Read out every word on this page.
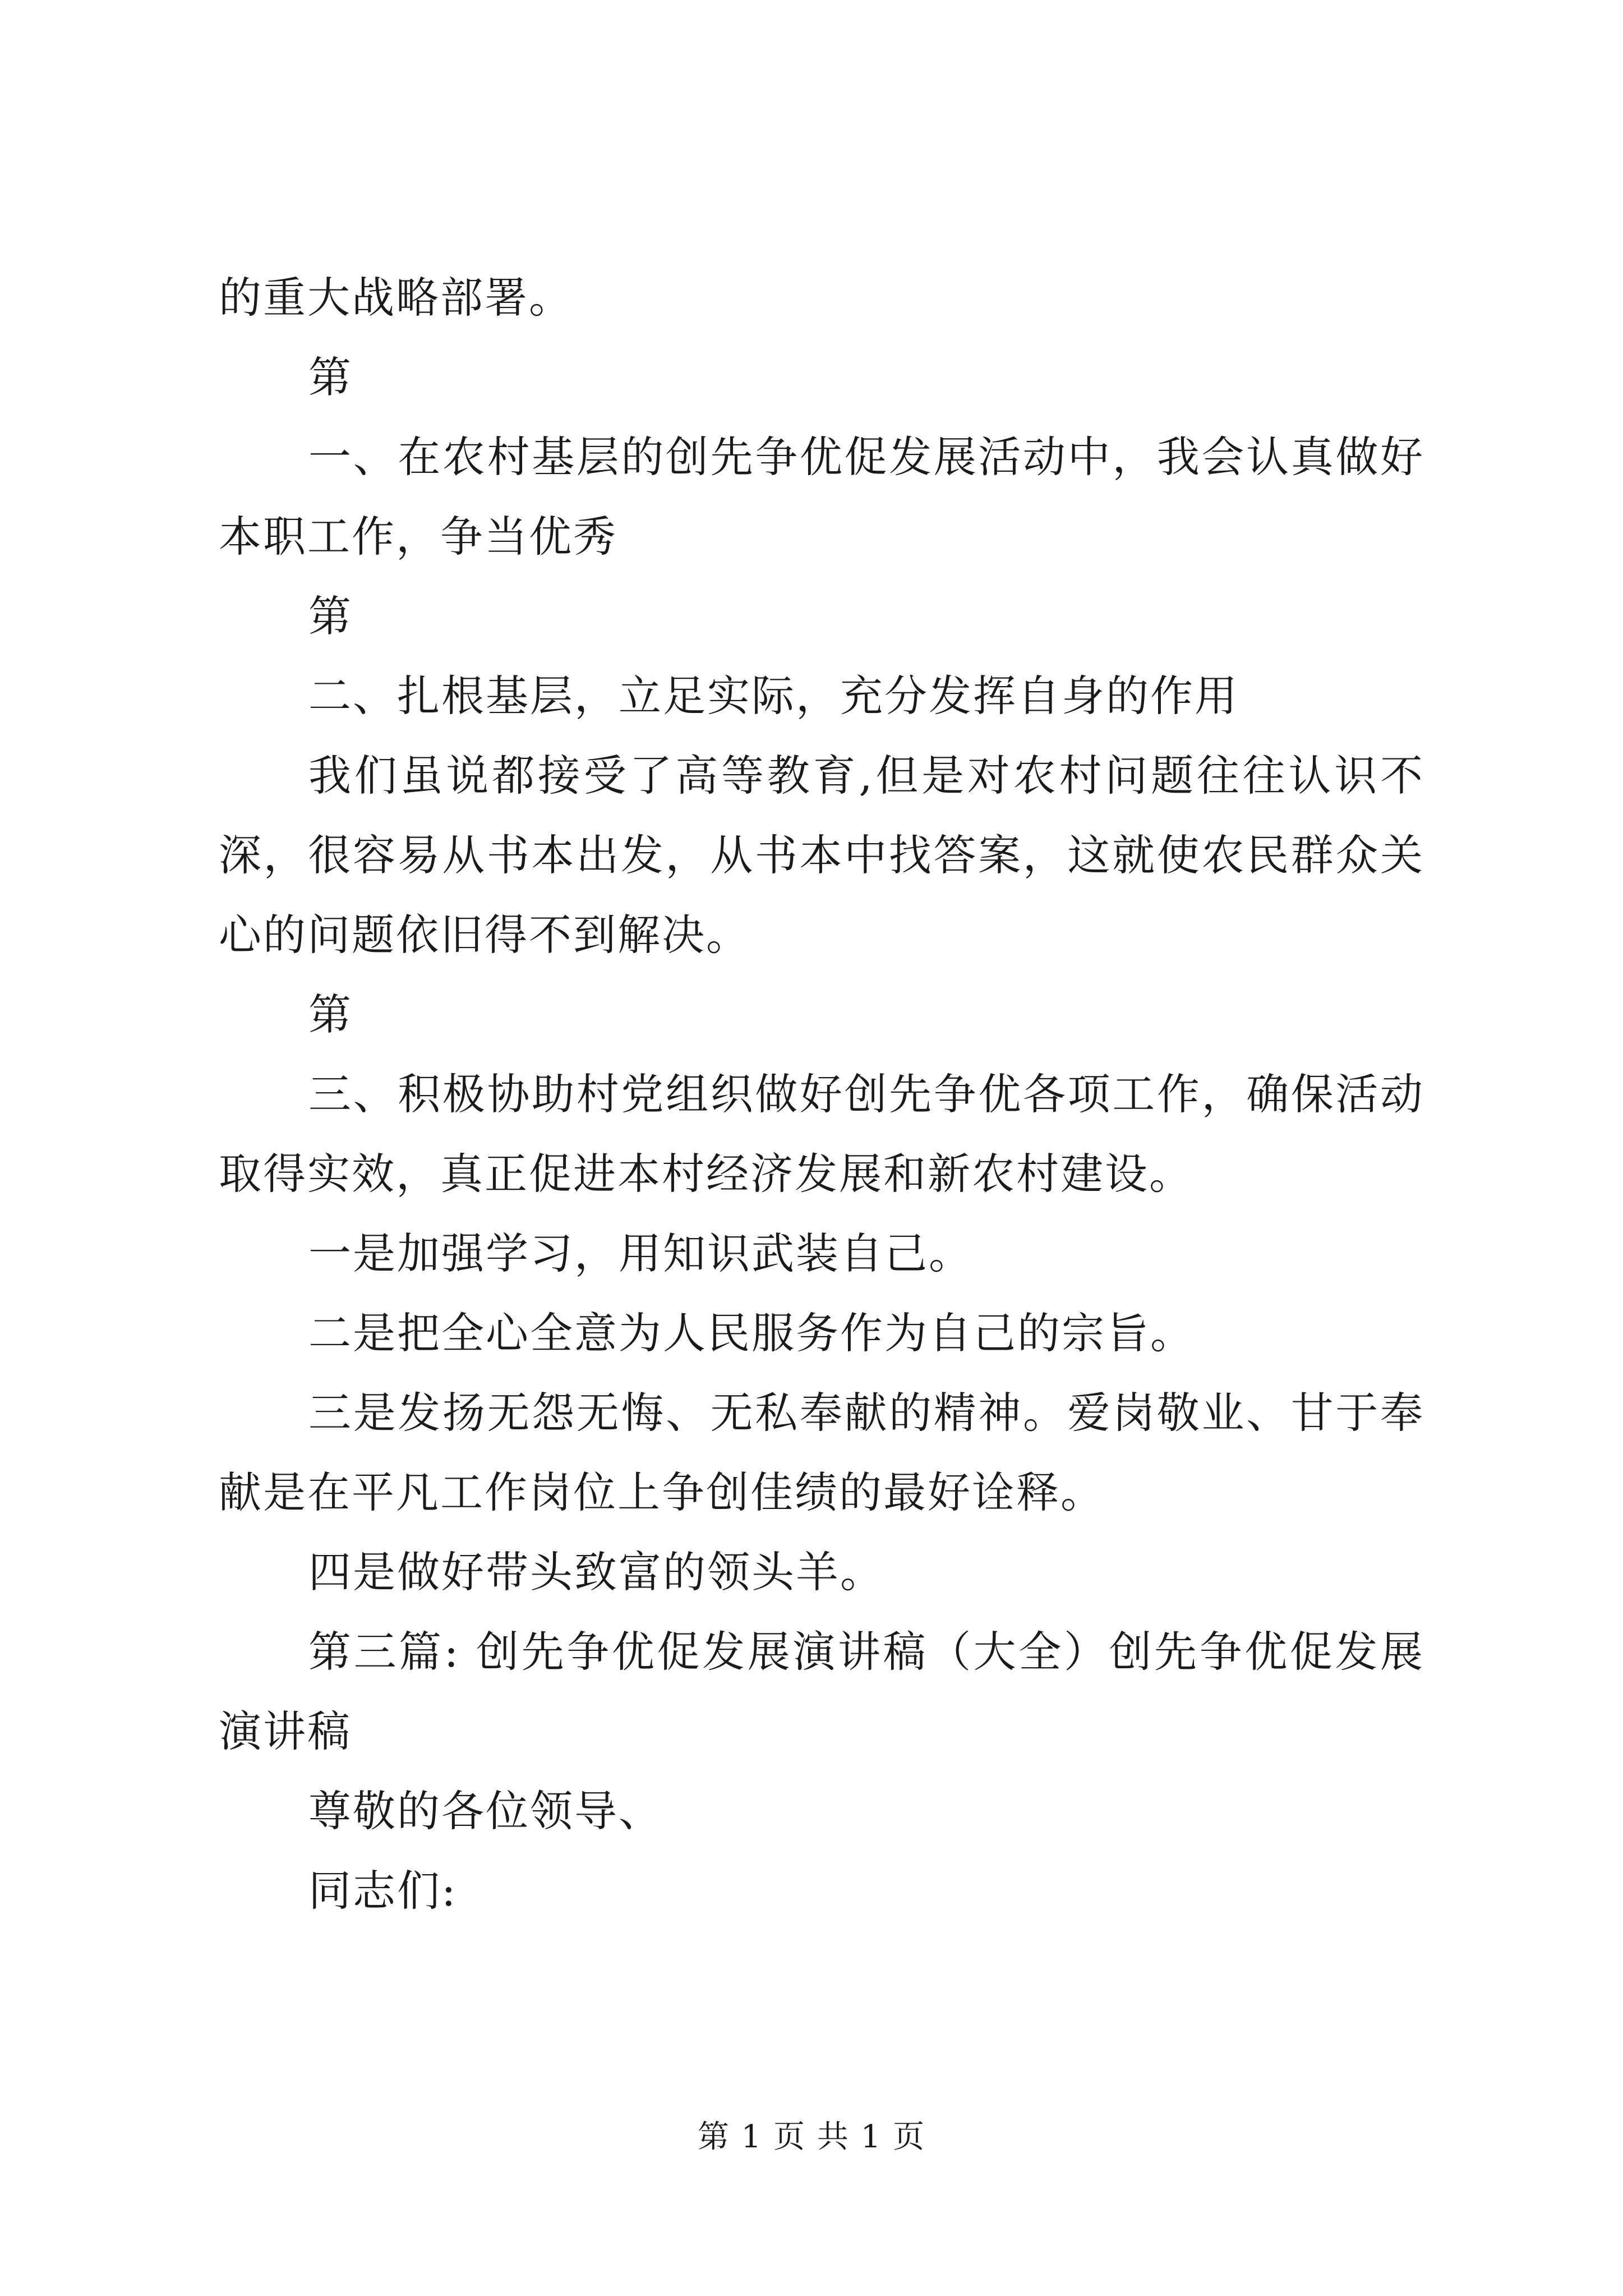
的重大战略部署。

第

一、在农村基层的创先争优促发展活动中，我会认真做好本职工作，争当优秀

第

二、扎根基层，立足实际，充分发挥自身的作用

我们虽说都接受了高等教育,但是对农村问题往往认识不深，很容易从书本出发，从书本中找答案，这就使农民群众关心的问题依旧得不到解决。

第

三、积极协助村党组织做好创先争优各项工作，确保活动取得实效，真正促进本村经济发展和新农村建设。

一是加强学习，用知识武装自己。

二是把全心全意为人民服务作为自己的宗旨。

三是发扬无怨无悔、无私奉献的精神。爱岗敬业、甘于奉献是在平凡工作岗位上争创佳绩的最好诠释。

四是做好带头致富的领头羊。

第三篇: 创先争优促发展演讲稿（大全）创先争优促发展演讲稿

尊敬的各位领导、

同志们:

第 1 页 共 1 页
